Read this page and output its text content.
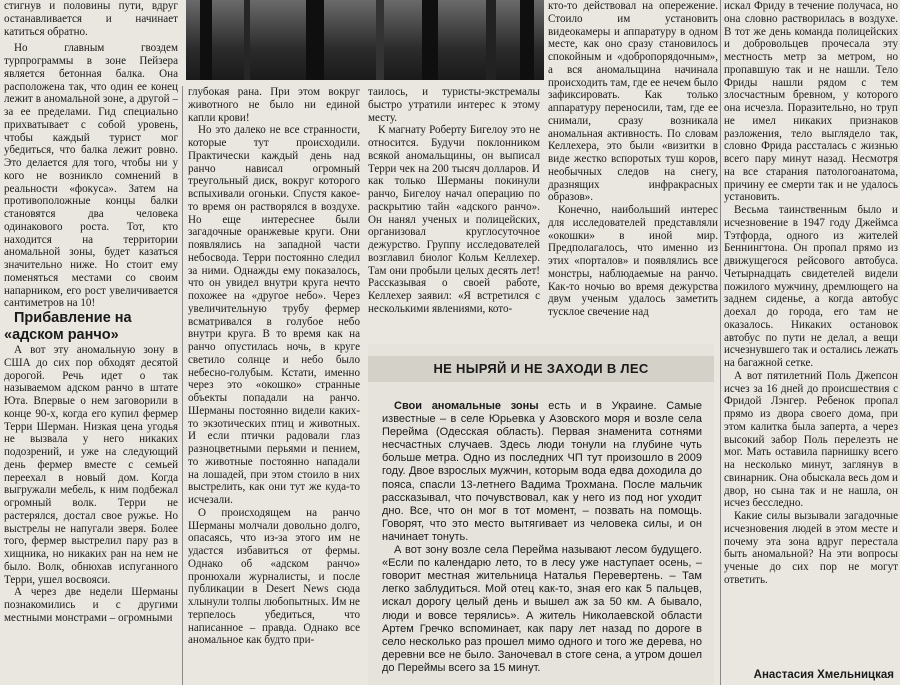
стигнув и половины пути, вдруг останавливается и начинает катиться обратно.

Но главным гвоздем турпрограммы в зоне Пейзера является бетонная балка. Она расположена так, что один ее конец лежит в аномальной зоне, а другой – за ее пределами. Гид специально прихватывает с собой уровень, чтобы каждый турист мог убедиться, что балка лежит ровно. Это делается для того, чтобы ни у кого не возникло сомнений в реальности «фокуса». Затем на противоположные концы балки становятся два человека одинакового роста. Тот, кто находится на территории аномальной зоны, будет казаться значительно ниже. Но стоит ему поменяться местами со своим напарником, его рост увеличивается сантиметров на 10!

Прибавление на «адском ранчо»

А вот эту аномальную зону в США до сих пор обходят десятой дорогой. Речь идет о так называемом адском ранчо в штате Юта. Впервые о нем заговорили в конце 90-х, когда его купил фермер Терри Шерман. Низкая цена угодья не вызвала у него никаких подозрений, и уже на следующий день фермер вместе с семьей переехал в новый дом. Когда выгружали мебель, к ним подбежал огромный волк. Терри не растерялся, достал свое ружье. Но выстрелы не напугали зверя. Более того, фермер выстрелил пару раз в хищника, но никаких ран на нем не было. Волк, обнюхав испуганного Терри, ушел восвояси.

А через две недели Шерманы познакомились и с другими местными монстрами – огромными

глубокая рана. При этом вокруг животного не было ни единой капли крови!

Но это далеко не все странности, которые тут происходили. Практически каждый день над ранчо нависал огромный треугольный диск, вокруг которого вспыхивали огоньки. Спустя какое-то время он растворялся в воздухе. Но еще интереснее были загадочные оранжевые круги. Они появлялись на западной части небосвода. Терри постоянно следил за ними. Однажды ему показалось, что он увидел внутри круга нечто похожее на «другое небо». Через увеличительную трубу фермер всматривался в голубое небо внутри круга. В то время как на ранчо опустилась ночь, в круге светило солнце и небо было небесно-голубым. Кстати, именно через это «окошко» странные объекты попадали на ранчо. Шерманы постоянно видели каких-то экзотических птиц и животных. И если птички радовали глаз разноцветными перьями и пением, то животные постоянно нападали на лошадей, при этом стоило в них выстрелить, как они тут же куда-то исчезали.

О происходящем на ранчо Шерманы молчали довольно долго, опасаясь, что из-за этого им не удастся избавиться от фермы. Однако об «адском ранчо» пронюхали журналисты, и после публикации в Desert News сюда хлынули толпы любопытных. Им не терпелось убедиться, что написанное – правда. Однако все аномальное как будто при-

таилось, и туристы-экстремалы быстро утратили интерес к этому месту.

К магнату Роберту Бигелоу это не относится. Будучи поклонником всякой аномальщины, он выписал Терри чек на 200 тысяч долларов. И как только Шерманы покинули ранчо, Бигелоу начал операцию по раскрытию тайн «адского ранчо». Он нанял ученых и полицейских, организовал круглосуточное дежурство. Группу исследователей возглавил биолог Кольм Келлехер. Там они пробыли целых десять лет! Рассказывая о своей работе, Келлехер заявил: «Я встретился с несколькими явлениями, кото-

кто-то действовал на опережение. Стоило им установить видеокамеры и аппаратуру в одном месте, как оно сразу становилось спокойным и «добропорядочным», а вся аномальщина начинала происходить там, где ее нечем было зафиксировать. Как только аппаратуру переносили, там, где ее снимали, сразу возникала аномальная активность. По словам Келлехера, это были «визитки в виде жестко вспоротых туш коров, необычных следов на снегу, дразнящих инфракрасных образов».

Конечно, наибольший интерес для исследователей представляли «окошки» в иной мир. Предполагалось, что именно из этих «порталов» и появлялись все монстры, наблюдаемые на ранчо. Как-то ночью во время дежурства двум ученым удалось заметить тусклое свечение над

искал Фриду в течение получаса, но она словно растворилась в воздухе. В тот же день команда полицейских и добровольцев прочесала эту местность метр за метром, но пропавшую так и не нашли. Тело Фриды нашли рядом с тем злосчастным бревном, у которого она исчезла. Поразительно, но труп не имел никаких признаков разложения, тело выглядело так, словно Фрида рассталась с жизнью всего пару минут назад. Несмотря на все старания патологоанатома, причину ее смерти так и не удалось установить.

Весьма таинственным было и исчезновение в 1947 году Джеймса Тэтфорда, одного из жителей Беннингтона. Он пропал прямо из движущегося рейсового автобуса. Четырнадцать свидетелей видели пожилого мужчину, дремлющего на заднем сиденье, а когда автобус доехал до города, его там не оказалось. Никаких остановок автобус по пути не делал, а вещи исчезнувшего так и остались лежать на багажной сетке.

А вот пятилетний Поль Джепсон исчез за 16 дней до происшествия с Фридой Лэнгер. Ребенок пропал прямо из двора своего дома, при этом калитка была заперта, а через высокий забор Поль перелезть не мог. Мать оставила парнишку всего на несколько минут, заглянув в свинарник. Она обыскала весь дом и двор, но сына так и не нашла, он исчез бесследно.

Какие силы вызывали загадочные исчезновения людей в этом месте и почему эта зона вдруг перестала быть аномальной? На эти вопросы ученые до сих пор не могут ответить.

НЕ НЫРЯЙ И НЕ ЗАХОДИ В ЛЕС

Свои аномальные зоны есть и в Украине. Самые известные – в селе Юрьевка у Азовского моря и возле села Перейма (Одесская область). Первая знаменита сотнями несчастных случаев. Здесь люди тонули на глубине чуть больше метра. Одно из последних ЧП тут произошло в 2009 году. Двое взрослых мужчин, которым вода едва доходила до пояса, спасли 13-летнего Вадима Трохмана. После мальчик рассказывал, что почувствовал, как у него из под ног уходит дно. Все, что он мог в тот момент, – позвать на помощь. Говорят, что это место вытягивает из человека силы, и он начинает тонуть.

А вот зону возле села Перейма называют лесом будущего. «Если по календарю лето, то в лесу уже наступает осень, – говорит местная жительница Наталья Перевертень. – Там легко заблудиться. Мой отец как-то, зная его как 5 пальцев, искал дорогу целый день и вышел аж за 50 км. А бывало, люди и вовсе терялись». А житель Николаевской области Артем Гречко вспоминает, как пару лет назад по дороге в село несколько раз прошел мимо одного и того же дерева, но деревни все не было. Заночевал в стоге сена, а утром дошел до Переймы всего за 15 минут.

Анастасия Хмельницкая
